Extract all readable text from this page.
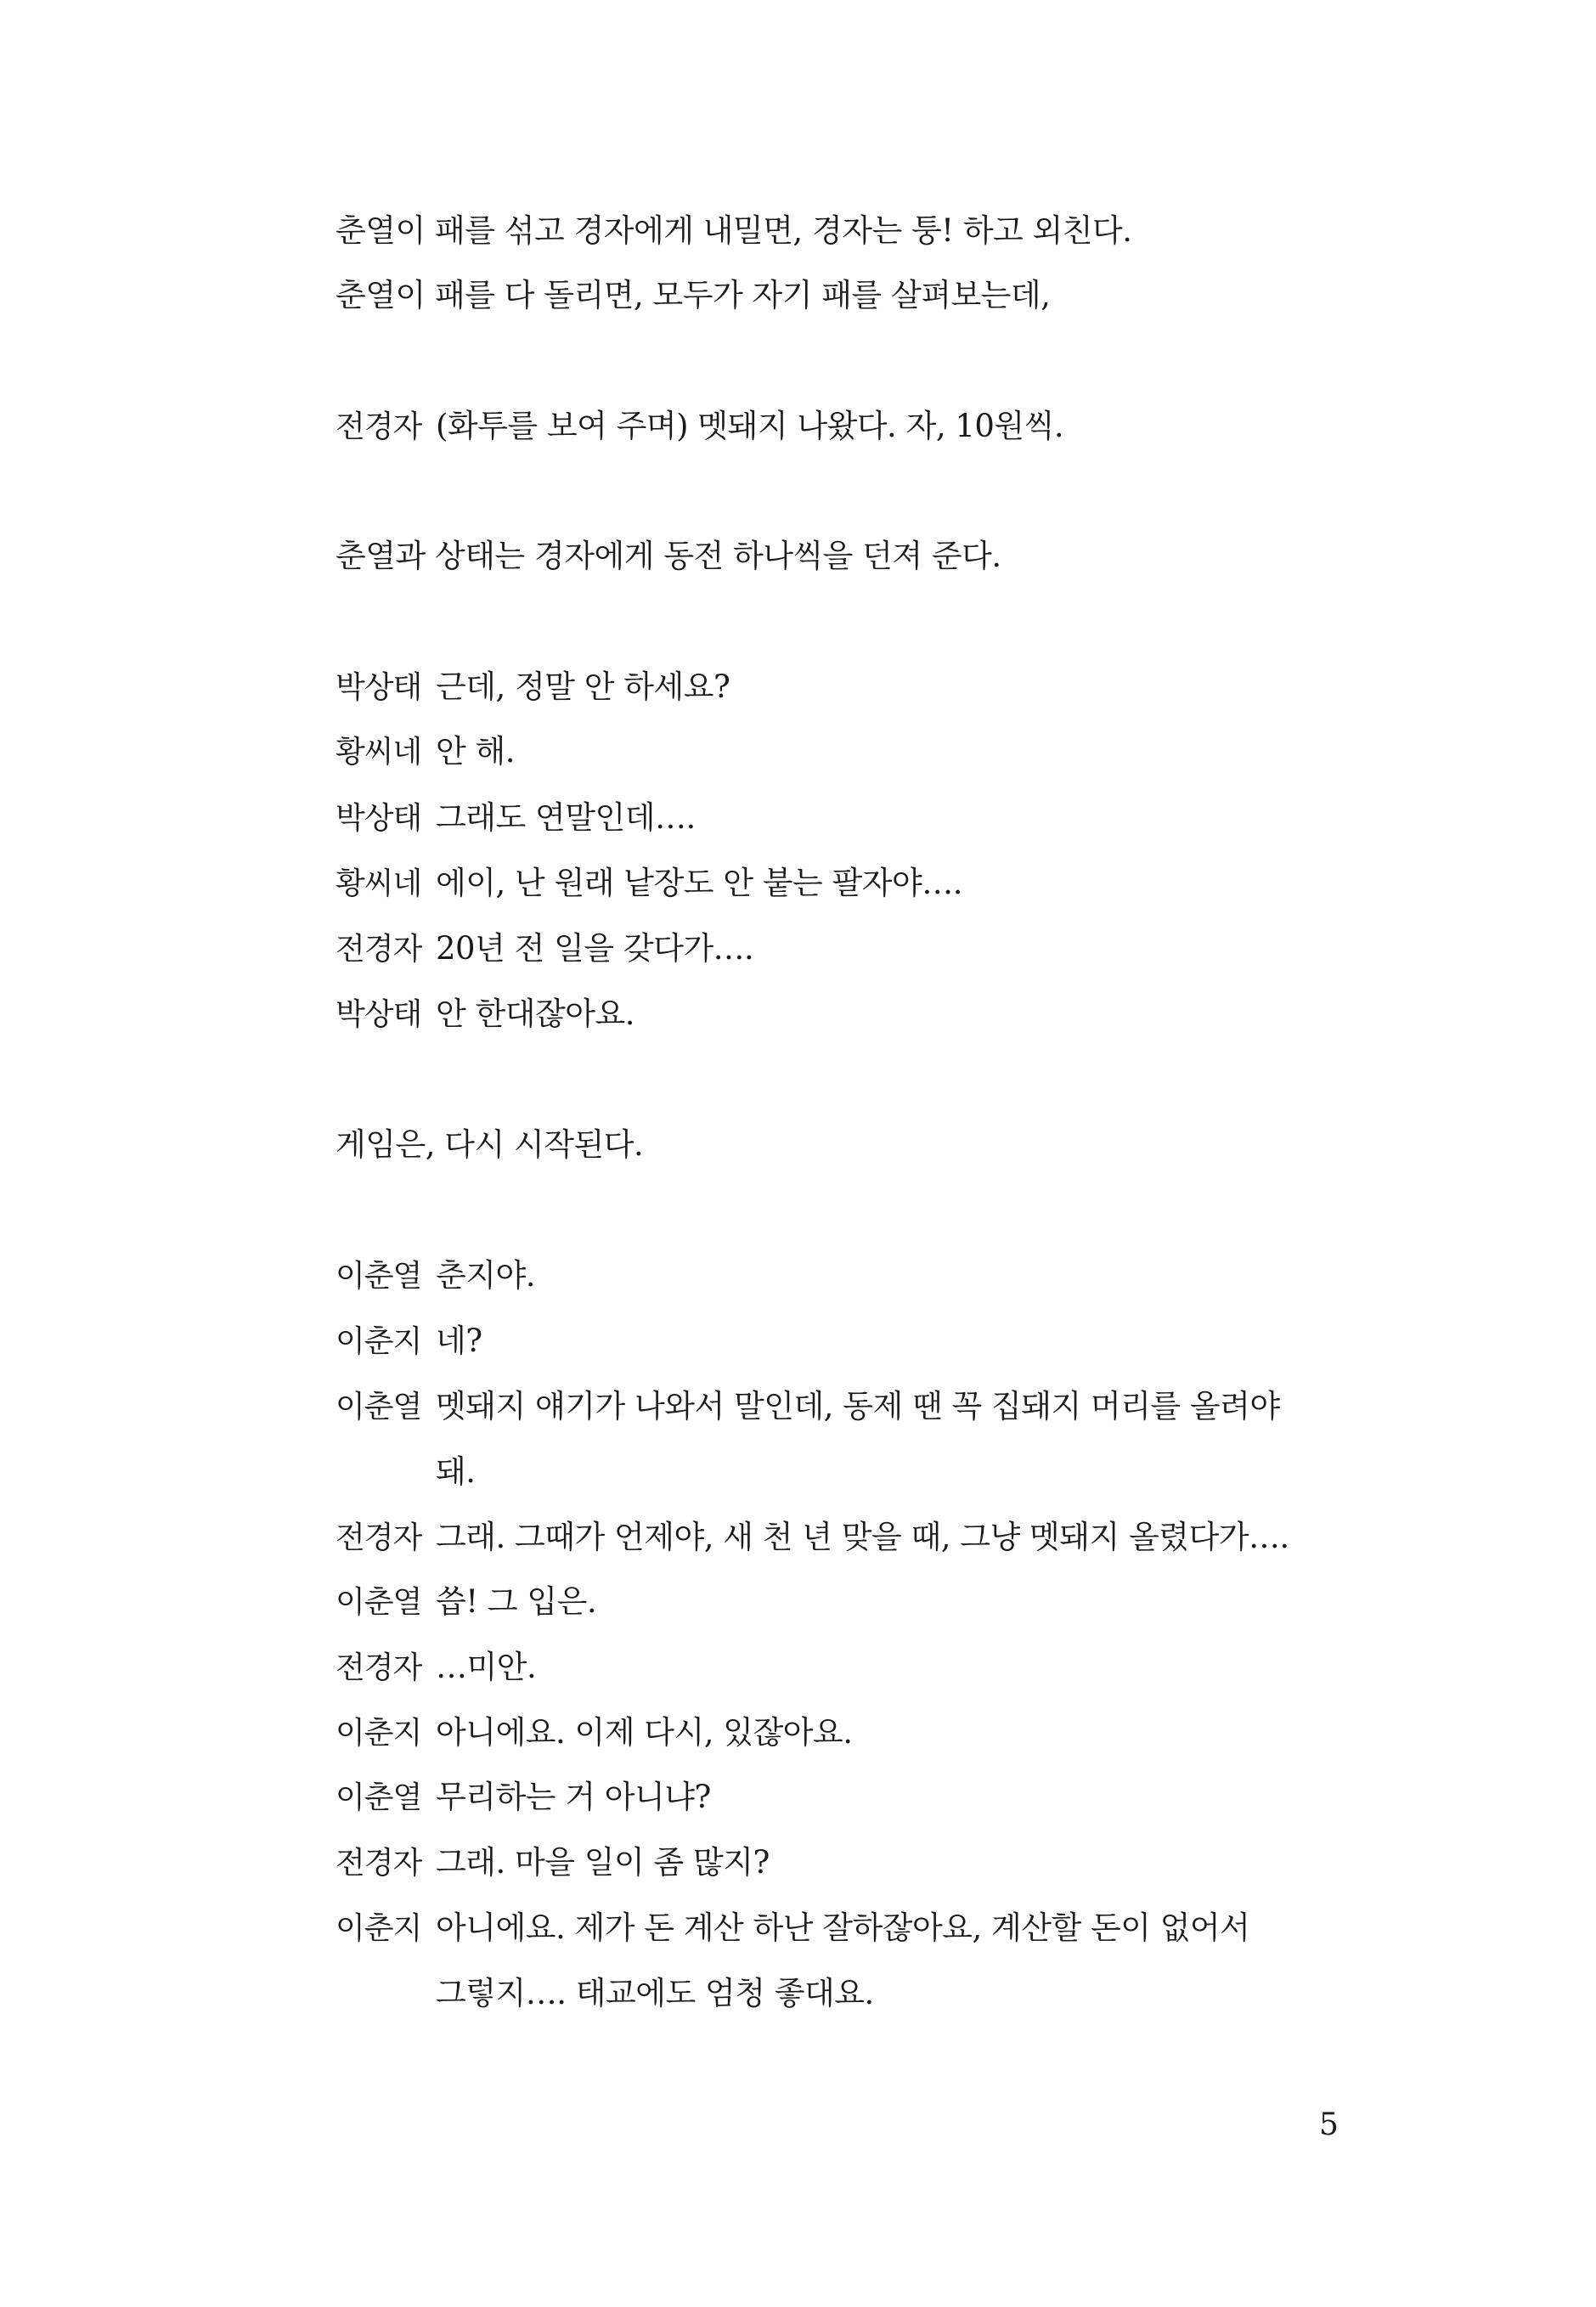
춘열이 패를 섞고 경자에게 내밀면, 경자는 퉁! 하고 외친다.
춘열이 패를 다 돌리면, 모두가 자기 패를 살펴보는데,
전경자 (화투를 보여 주며) 멧돼지 나왔다. 자, 10원씩.
춘열과 상태는 경자에게 동전 하나씩을 던져 준다.
박상태 근데, 정말 안 하세요?
황씨네 안 해.
박상태 그래도 연말인데….
황씨네 에이, 난 원래 낱장도 안 붙는 팔자야….
전경자 20년 전 일을 갖다가….
박상태 안 한대잖아요.
게임은, 다시 시작된다.
이춘열 춘지야.
이춘지 네?
이춘열 멧돼지 얘기가 나와서 말인데, 동제 땐 꼭 집돼지 머리를 올려야
돼.
전경자 그래. 그때가 언제야, 새 천 년 맞을 때, 그냥 멧돼지 올렸다가….
이춘열 씁! 그 입은.
전경자 …미안.
이춘지 아니에요. 이제 다시, 있잖아요.
이춘열 무리하는 거 아니냐?
전경자 그래. 마을 일이 좀 많지?
이춘지 아니에요. 제가 돈 계산 하난 잘하잖아요, 계산할 돈이 없어서
그렇지…. 태교에도 엄청 좋대요.
5
